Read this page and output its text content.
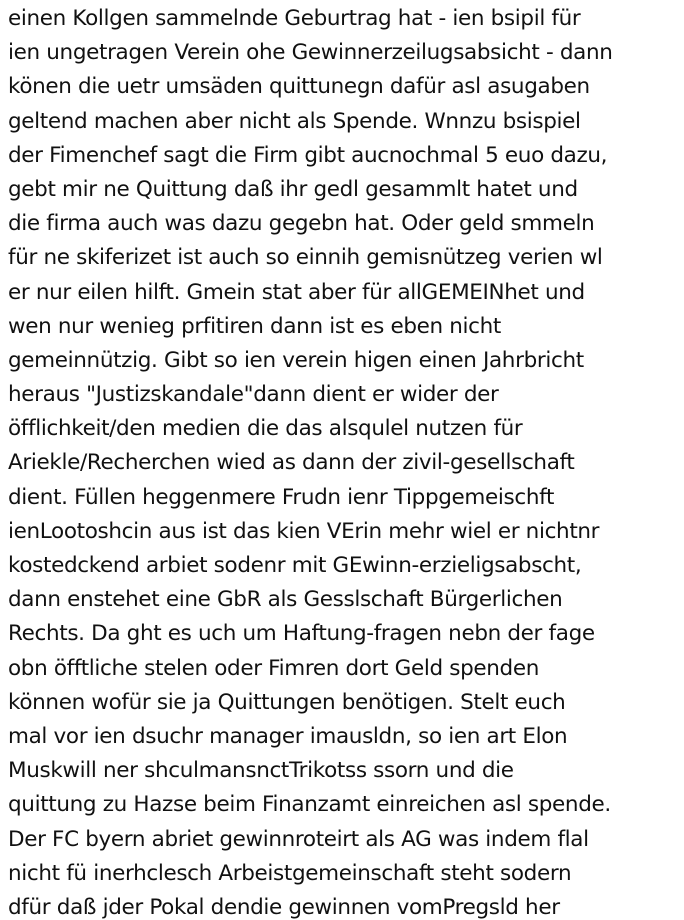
einen Kollgen sammelnde Geburtrag hat - ien bsipil für
ien ungetragen Verein ohe Gewinnerzeilugsabsicht - dann
könen die uetr umsäden quittunegn dafür asl asugaben
geltend machen aber nicht als Spende. Wnnzu bsispiel
der Fimenchef sagt die Firm gibt aucnochmal 5 euo dazu,
gebt mir ne Quittung daß ihr gedl gesammlt hatet und
die firma auch was dazu gegebn hat. Oder geld smmeln
für ne skiferizet ist auch so einnih gemisnützeg verien wl
er nur eilen hilft. Gmein stat aber für allGEMEINhet und
wen nur wenieg prfitiren dann ist es eben nicht
gemeinnützig. Gibt so ien verein higen einen Jahrbricht
heraus "Justizskandale"dann dient er wider der
öfflichkeit/den medien die das alsqulel nutzen für
Ariekle/Recherchen wied as dann der zivil-gesellschaft
dient. Füllen heggenmere Frudn ienr Tippgemeischft
ienLootoshcin aus ist das kien VErin mehr wiel er nichtnr
kostedckend arbiet sodenr mit GEwinn-erzieligsabscht,
dann enstehet eine GbR als Gesslschaft Bürgerlichen
Rechts. Da ght es uch um Haftung-fragen nebn der fage
obn öfftliche stelen oder Fimren dort Geld spenden
können wofür sie ja Quittungen benötigen. Stelt euch
mal vor ien dsuchr manager imausldn, so ien art Elon
Muskwill ner shculmansnctTrikotss ssorn und die
quittung zu Hazse beim Finanzamt einreichen asl spende.
Der FC byern abriet gewinnroteirt als AG was indem flal
nicht fü inerhclesch Arbeistgemeinschaft steht sodern
dfür daß jder Pokal dendie gewinnen vomPregsld her
